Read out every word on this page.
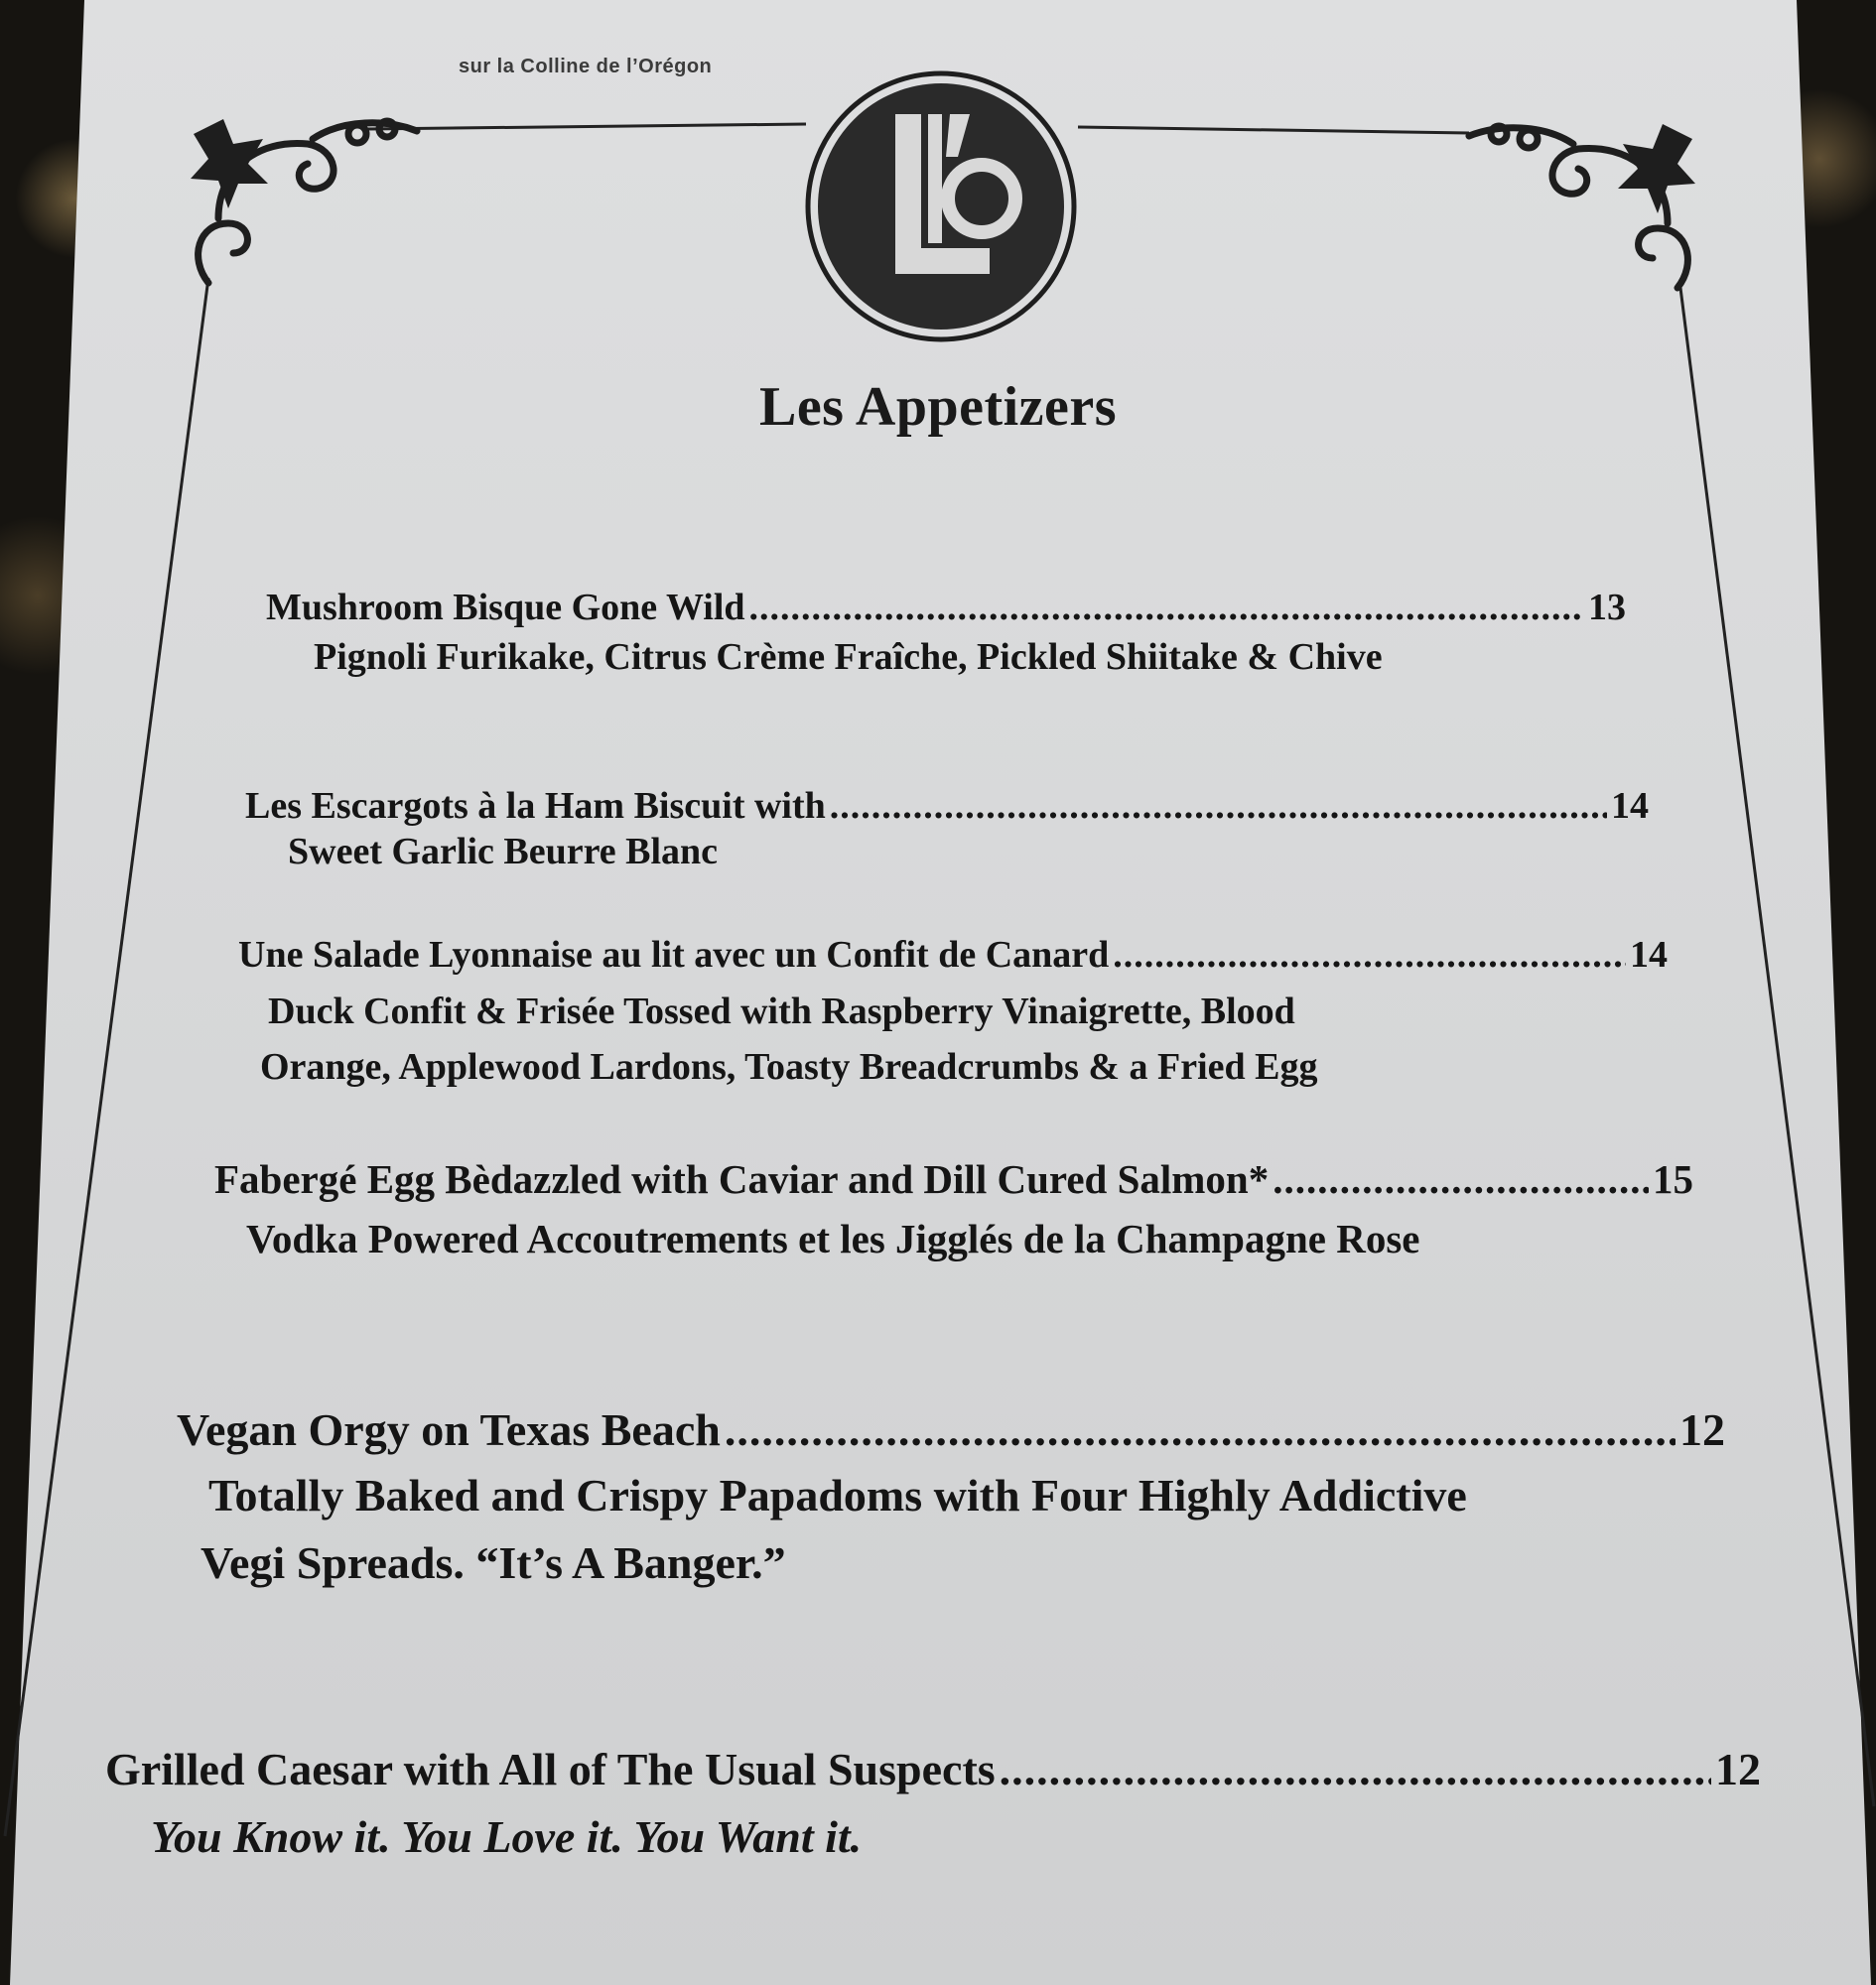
sur la Colline de l’Orégon
Les Appetizers
Mushroom Bisque Gone Wild .....	13
Pignoli Furikake, Citrus Crème Fraîche, Pickled Shiitake & Chive
Les Escargots à la Ham Biscuit with .....	14
Sweet Garlic Beurre Blanc
Une Salade Lyonnaise au lit avec un Confit de Canard .....	14
Duck Confit & Frisée Tossed with Raspberry Vinaigrette, Blood
Orange, Applewood Lardons, Toasty Breadcrumbs & a Fried Egg
Fabergé Egg Bèdazzled with Caviar and Dill Cured Salmon* .....	15
Vodka Powered Accoutrements et les Jigglés de la Champagne Rose
Vegan Orgy on Texas Beach .....	12
Totally Baked and Crispy Papadoms with Four Highly Addictive
Vegi Spreads. “It’s A Banger.”
Grilled Caesar with All of The Usual Suspects .....	12
You Know it. You Love it. You Want it.
